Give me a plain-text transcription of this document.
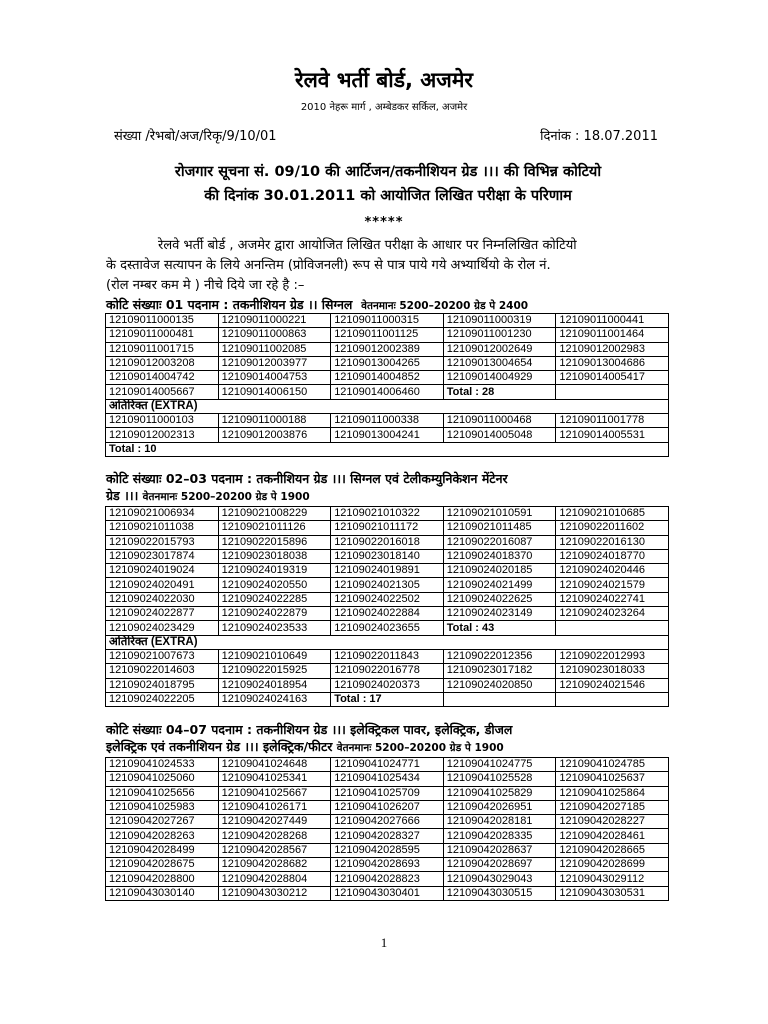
रेलवे भर्ती बोर्ड, अजमेर
2010 नेहरू मार्ग , अम्बेडकर सर्किल, अजमेर
संख्या /रेभबो/अज/रिकृ/9/10/01	दिनांक : 18.07.2011
रोजगार सूचना सं. 09/10 की आर्टिजन/तकनीशियन ग्रेड ।।। की विभिन्न कोटियो
की दिनांक 30.01.2011 को आयोजित लिखित परीक्षा के परिणाम
*****
रेलवे भर्ती बोर्ड , अजमेर द्वारा आयोजित लिखित परीक्षा के आधार पर निम्नलिखित कोटियो
के दस्तावेज सत्यापन के लिये अनन्तिम (प्रोविजनली) रूप से पात्र पाये गये अभ्यार्थियो के रोल नं.
(रोल नम्बर कम मे ) नीचे दिये जा रहे है :–
कोटि संख्याः 01 पदनाम : तकनीशियन ग्रेड ।। सिग्नल वेतनमानः 5200–20200 ग्रेड पे 2400
12109011000135	12109011000221	12109011000315	12109011000319	12109011000441
12109011000481	12109011000863	12109011001125	12109011001230	12109011001464
12109011001715	12109011002085	12109012002389	12109012002649	12109012002983
12109012003208	12109012003977	12109013004265	12109013004654	12109013004686
12109014004742	12109014004753	12109014004852	12109014004929	12109014005417
12109014005667	12109014006150	12109014006460	Total : 28	
अतिरिक्त (EXTRA)				
12109011000103	12109011000188	12109011000338	12109011000468	12109011001778
12109012002313	12109012003876	12109013004241	12109014005048	12109014005531
Total : 10				
कोटि संख्याः 02–03 पदनाम : तकनीशियन ग्रेड ।।। सिग्नल एवं टेलीकम्युनिकेशन मेंटेनर
ग्रेड ।।। वेतनमानः 5200–20200 ग्रेड पे 1900
12109021006934	12109021008229	12109021010322	12109021010591	12109021010685
12109021011038	12109021011126	12109021011172	12109021011485	12109022011602
12109022015793	12109022015896	12109022016018	12109022016087	12109022016130
12109023017874	12109023018038	12109023018140	12109024018370	12109024018770
12109024019024	12109024019319	12109024019891	12109024020185	12109024020446
12109024020491	12109024020550	12109024021305	12109024021499	12109024021579
12109024022030	12109024022285	12109024022502	12109024022625	12109024022741
12109024022877	12109024022879	12109024022884	12109024023149	12109024023264
12109024023429	12109024023533	12109024023655	Total : 43	
अतिरिक्त (EXTRA)				
12109021007673	12109021010649	12109022011843	12109022012356	12109022012993
12109022014603	12109022015925	12109022016778	12109023017182	12109023018033
12109024018795	12109024018954	12109024020373	12109024020850	12109024021546
12109024022205	12109024024163	Total : 17		
कोटि संख्याः 04–07 पदनाम : तकनीशियन ग्रेड ।।। इलेक्ट्रिकल पावर, इलेक्ट्रिक, डीजल
इलेक्ट्रिक एवं तकनीशियन ग्रेड ।।। इलेक्ट्रिक/फीटर वेतनमानः 5200–20200 ग्रेड पे 1900
12109041024533	12109041024648	12109041024771	12109041024775	12109041024785
12109041025060	12109041025341	12109041025434	12109041025528	12109041025637
12109041025656	12109041025667	12109041025709	12109041025829	12109041025864
12109041025983	12109041026171	12109041026207	12109042026951	12109042027185
12109042027267	12109042027449	12109042027666	12109042028181	12109042028227
12109042028263	12109042028268	12109042028327	12109042028335	12109042028461
12109042028499	12109042028567	12109042028595	12109042028637	12109042028665
12109042028675	12109042028682	12109042028693	12109042028697	12109042028699
12109042028800	12109042028804	12109042028823	12109043029043	12109043029112
12109043030140	12109043030212	12109043030401	12109043030515	12109043030531
1
